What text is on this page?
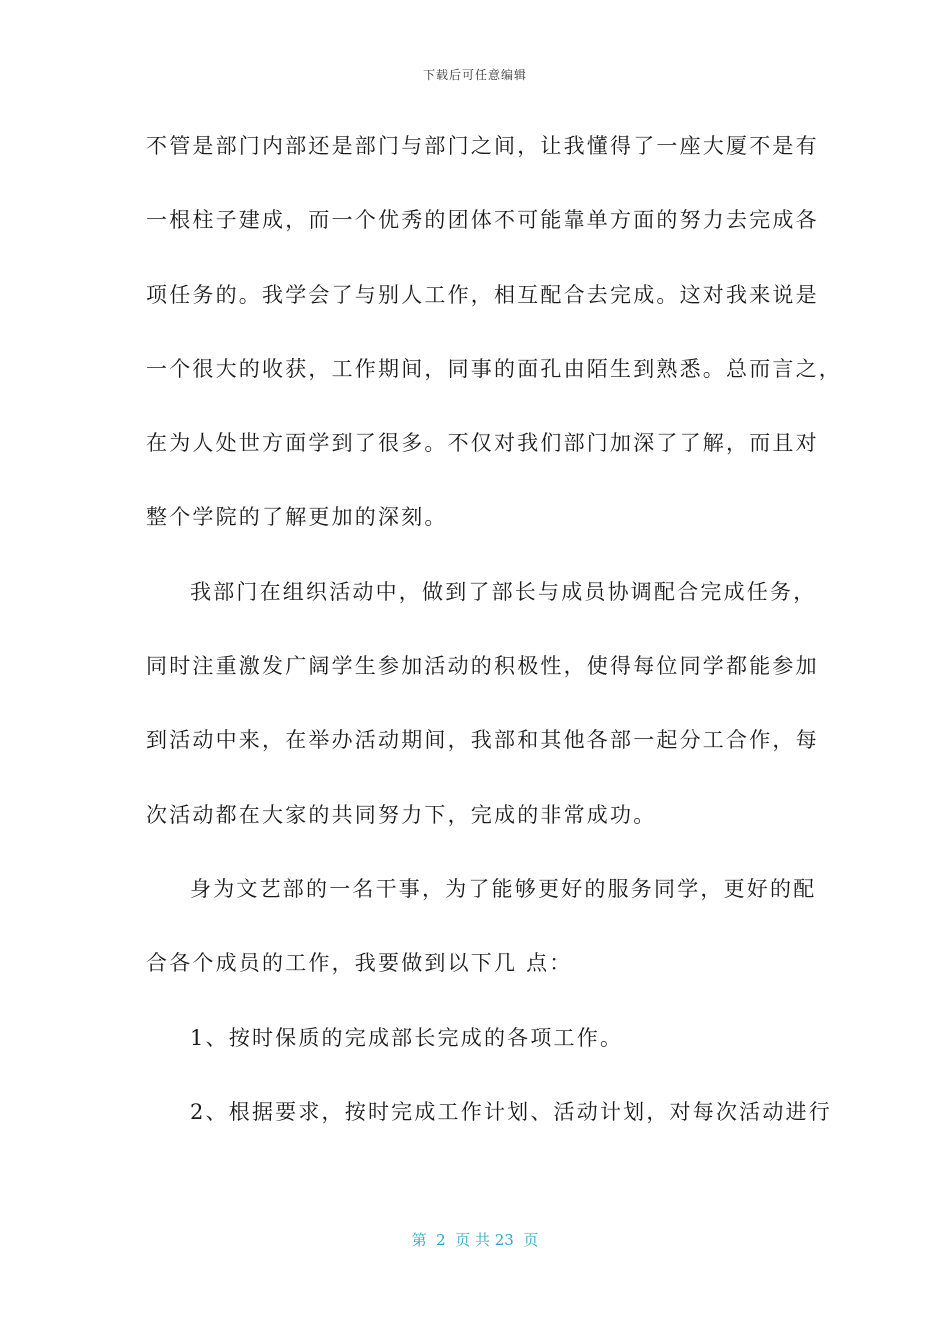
下载后可任意编辑
不管是部门内部还是部门与部门之间，让我懂得了一座大厦不是有
一根柱子建成，而一个优秀的团体不可能靠单方面的努力去完成各
项任务的。我学会了与别人工作，相互配合去完成。这对我来说是
一个很大的收获，工作期间，同事的面孔由陌生到熟悉。总而言之，
在为人处世方面学到了很多。不仅对我们部门加深了了解，而且对
整个学院的了解更加的深刻。
我部门在组织活动中，做到了部长与成员协调配合完成任务，
同时注重激发广阔学生参加活动的积极性，使得每位同学都能参加
到活动中来，在举办活动期间，我部和其他各部一起分工合作，每
次活动都在大家的共同努力下，完成的非常成功。
身为文艺部的一名干事，为了能够更好的服务同学，更好的配
合各个成员的工作，我要做到以下几 点：
1、按时保质的完成部长完成的各项工作。
2、根据要求，按时完成工作计划、活动计划，对每次活动进行
第  2  页 共 23  页
